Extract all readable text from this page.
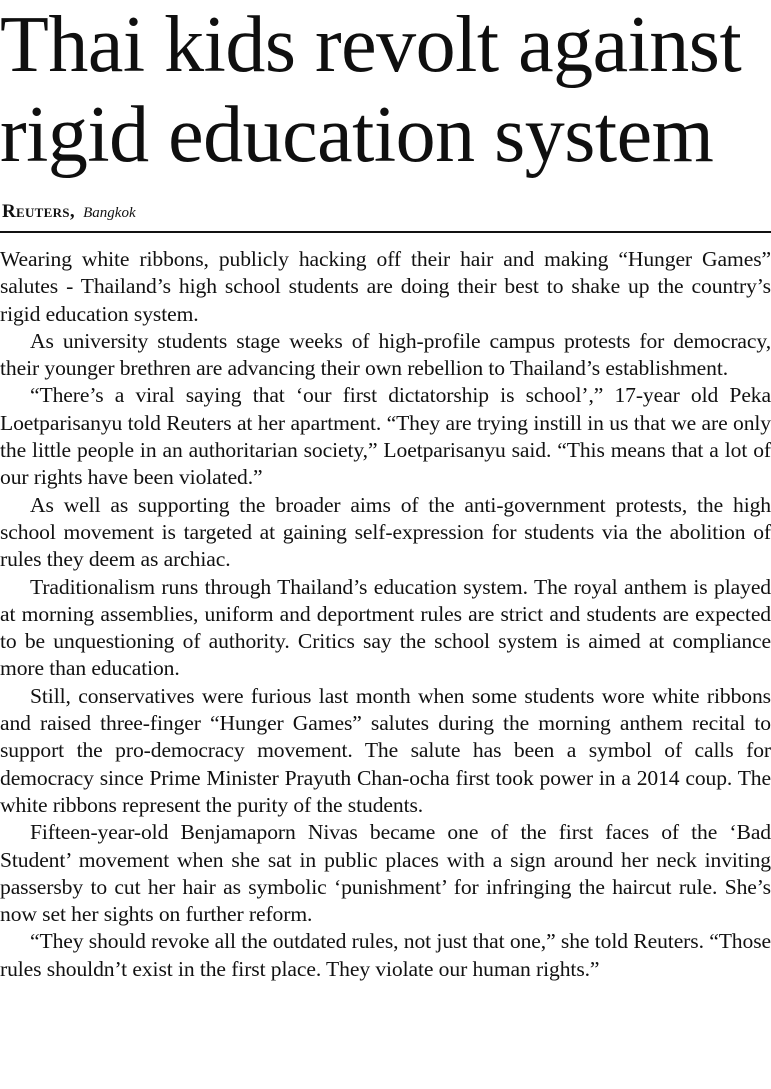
Thai kids revolt against
rigid education system
Reuters, Bangkok

Wearing white ribbons, publicly hacking off their hair and making “Hunger Games” salutes - Thailand’s high school students are doing their best to shake up the country’s rigid education system.

As university students stage weeks of high-profile campus protests for democracy, their younger brethren are advancing their own rebellion to Thailand’s establishment.

“There’s a viral saying that ‘our first dictatorship is school’,” 17-year old Peka Loetparisanyu told Reuters at her apartment. “They are trying instill in us that we are only the little people in an authoritarian society,” Loetparisanyu said. “This means that a lot of our rights have been violated.”

As well as supporting the broader aims of the anti-government protests, the high school movement is targeted at gaining self-expression for students via the abolition of rules they deem as archiac.

Traditionalism runs through Thailand’s education system. The royal anthem is played at morning assemblies, uniform and deportment rules are strict and students are expected to be unquestioning of authority. Critics say the school system is aimed at compliance more than education.

Still, conservatives were furious last month when some students wore white ribbons and raised three-finger “Hunger Games” salutes during the morning anthem recital to support the pro-democracy movement. The salute has been a symbol of calls for democracy since Prime Minister Prayuth Chan-ocha first took power in a 2014 coup. The white ribbons represent the purity of the students.

Fifteen-year-old Benjamaporn Nivas became one of the first faces of the ‘Bad Student’ movement when she sat in public places with a sign around her neck inviting passersby to cut her hair as symbolic ‘punishment’ for infringing the haircut rule. She’s now set her sights on further reform.

“They should revoke all the outdated rules, not just that one,” she told Reuters. “Those rules shouldn’t exist in the first place. They violate our human rights.”
